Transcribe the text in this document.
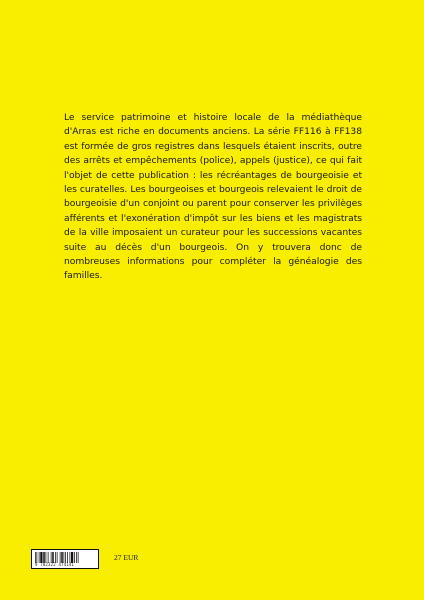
Le service patrimoine et histoire locale de la médiathèque d'Arras est riche en documents anciens. La série FF116 à FF138 est formée de gros registres dans lesquels étaient inscrits, outre des arrêts et empêchements (police), appels (justice), ce qui fait l'objet de cette publication : les récréantages de bourgeoisie et les curatelles. Les bourgeoises et bourgeois relevaient le droit de bourgeoisie d'un conjoint ou parent pour conserver les privilèges afférents et l'exonération d'impôt sur les biens et les magistrats de la ville imposaient un curateur pour les successions vacantes suite au décès d'un bourgeois. On y trouvera donc de nombreuses informations pour compléter la généalogie des familles.

9 782322 474141
27 EUR
